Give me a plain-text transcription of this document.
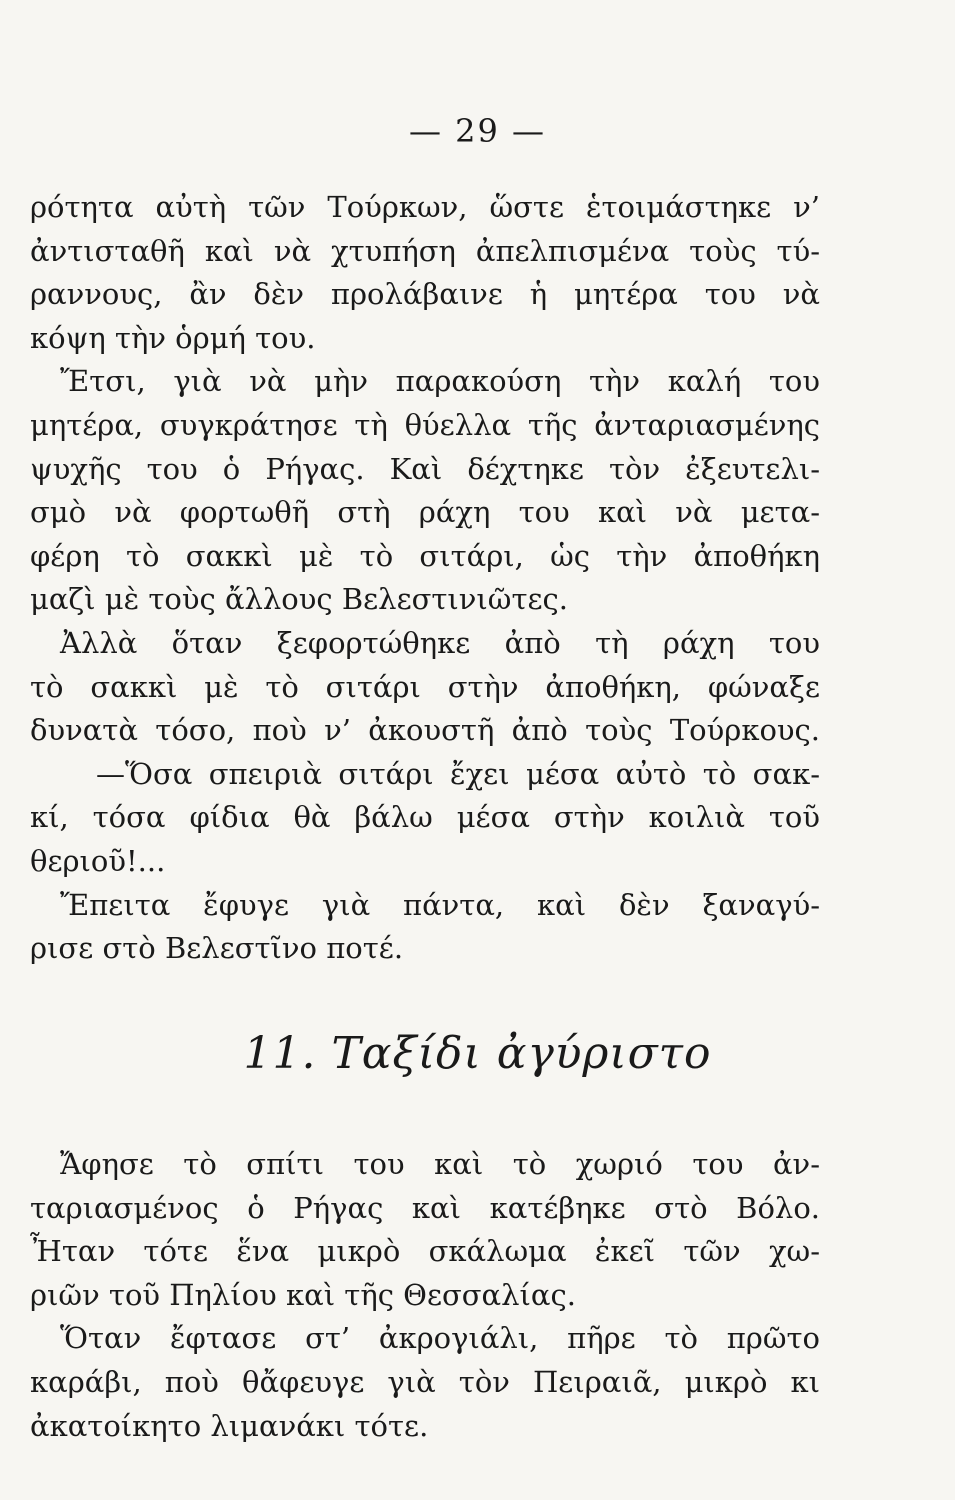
— 29 —
ρότητα αὐτὴ τῶν Τούρκων, ὥστε ἑτοιμάστηκε ν’
ἀντισταθῆ καὶ νὰ χτυπήση ἀπελπισμένα τοὺς τύ-
ραννους, ἂν δὲν προλάβαινε ἡ μητέρα του νὰ
κόψη τὴν ὁρμή του.
Ἔτσι, γιὰ νὰ μὴν παρακούση τὴν καλή του
μητέρα, συγκράτησε τὴ θύελλα τῆς ἀνταριασμένης
ψυχῆς του ὁ Ρήγας. Καὶ δέχτηκε τὸν ἐξευτελι-
σμὸ νὰ φορτωθῆ στὴ ράχη του καὶ νὰ μετα-
φέρη τὸ σακκὶ μὲ τὸ σιτάρι, ὡς τὴν ἀποθήκη
μαζὶ μὲ τοὺς ἄλλους Βελεστινιῶτες.
Ἀλλὰ ὅταν ξεφορτώθηκε ἀπὸ τὴ ράχη του
τὸ σακκὶ μὲ τὸ σιτάρι στὴν ἀποθήκη, φώναξε
δυνατὰ τόσο, ποὺ ν’ ἀκουστῆ ἀπὸ τοὺς Τούρκους.
—Ὅσα σπειριὰ σιτάρι ἔχει μέσα αὐτὸ τὸ σακ-
κί, τόσα φίδια θὰ βάλω μέσα στὴν κοιλιὰ τοῦ
θεριοῦ!...
Ἔπειτα ἔφυγε γιὰ πάντα, καὶ δὲν ξαναγύ-
ρισε στὸ Βελεστῖνο ποτέ.
11. Ταξίδι ἀγύριστο
Ἄφησε τὸ σπίτι του καὶ τὸ χωριό του ἀν-
ταριασμένος ὁ Ρήγας καὶ κατέβηκε στὸ Βόλο.
Ἦταν τότε ἕνα μικρὸ σκάλωμα ἐκεῖ τῶν χω-
ριῶν τοῦ Πηλίου καὶ τῆς Θεσσαλίας.
Ὅταν ἔφτασε στ’ ἀκρογιάλι, πῆρε τὸ πρῶτο
καράβι, ποὺ θἄφευγε γιὰ τὸν Πειραιᾶ, μικρὸ κι
ἀκατοίκητο λιμανάκι τότε.
